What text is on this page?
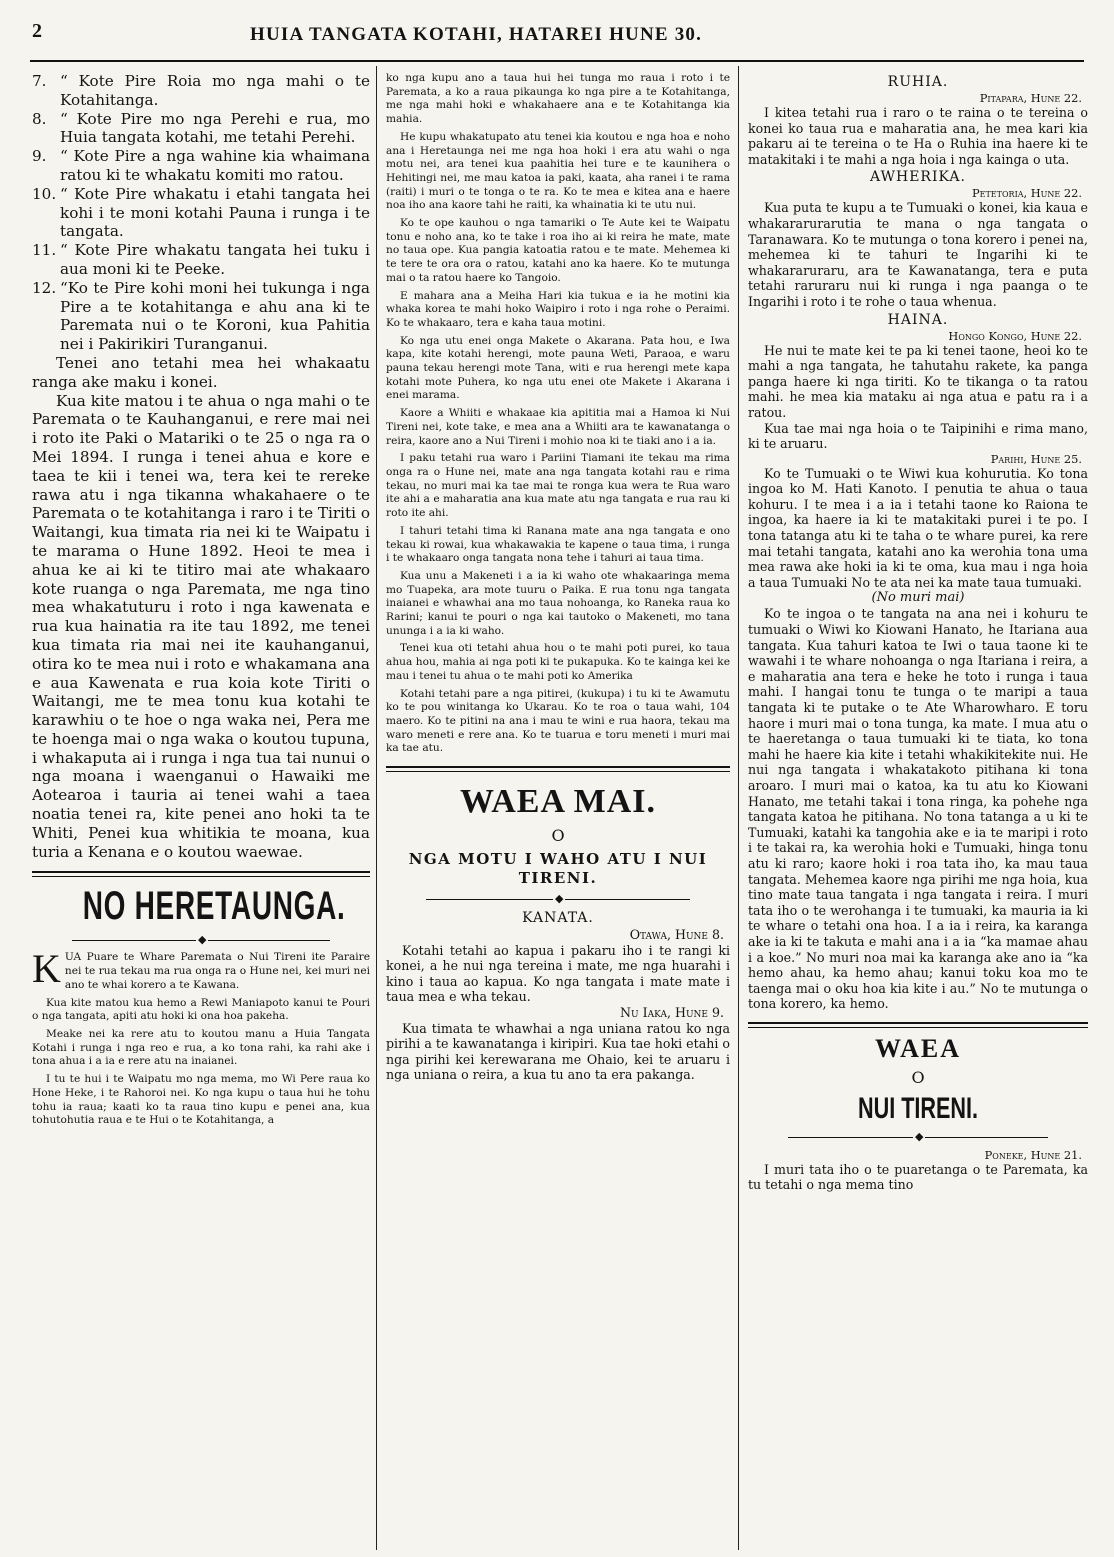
2	HUIA TANGATA KOTAHI, HATAREI HUNE 30.
7. “ Kote Pire Roia mo nga mahi o te Kotahitanga.
8. “ Kote Pire mo nga Perehi e rua, mo Huia tangata kotahi, me tetahi Perehi.
9. “ Kote Pire a nga wahine kia whaimana ratou ki te whakatu komiti mo ratou.
10. “ Kote Pire whakatu i etahi tangata hei kohi i te moni kotahi Pauna i runga i te tangata.
11. “ Kote Pire whakatu tangata hei tuku i aua moni ki te Peeke.
12. “Ko te Pire kohi moni hei tukunga i nga Pire a te kotahitanga e ahu ana ki te Paremata nui o te Koroni, kua Pahitia nei i Pakirikiri Turanganui.

Tenei ano tetahi mea hei whakaatu ranga ake maku i konei.

Kua kite matou i te ahua o nga mahi o te Paremata o te Kauhanganui, e rere mai nei i roto ite Paki o Matariki o te 25 o nga ra o Mei 1894. I runga i tenei ahua e kore e taea te kii i tenei wa, tera kei te rereke rawa atu i nga tikanna whakahaere o te Paremata o te kotahitanga i raro i te Tiriti o Waitangi, kua timata ria nei ki te Waipatu i te marama o Hune 1892. Heoi te mea i ahua ke ai ki te titiro mai ate whakaaro kote ruanga o nga Paremata, me nga tino mea whakatuturu i roto i nga kawenata e rua kua hainatia ra ite tau 1892, me tenei kua timata ria mai nei ite kauhanganui, otira ko te mea nui i roto e whakamana ana e aua Kawenata e rua koia kote Tiriti o Waitangi, me te mea tonu kua kotahi te karawhiu o te hoe o nga waka nei, Pera me te hoenga mai o nga waka o koutou tupuna, i whakaputa ai i runga i nga tua tai nunui o nga moana i waenganui o Hawaiki me Aotearoa i tauria ai tenei wahi a taea noatia tenei ra, kite penei ano hoki ta te Whiti, Penei kua whitikia te moana, kua turia a Kenana e o koutou waewae.

NO HERETAUNGA.
◆

KUA Puare te Whare Paremata o Nui Tireni ite Paraire nei te rua tekau ma rua onga ra o Hune nei, kei muri nei ano te whai korero a te Kawana.

Kua kite matou kua hemo a Rewi Maniapoto kanui te Pouri o nga tangata, apiti atu hoki ki ona hoa pakeha.

Meake nei ka rere atu to koutou manu a Huia Tangata Kotahi i runga i nga reo e rua, a ko tona rahi, ka rahi ake i tona ahua i a ia e rere atu na inaianei.

I tu te hui i te Waipatu mo nga mema, mo Wi Pere raua ko Hone Heke, i te Rahoroi nei. Ko nga kupu o taua hui he tohu tohu ia raua; kaati ko ta raua tino kupu e penei ana, kua tohutohutia raua e te Hui o te Kotahitanga, a

ko nga kupu ano a taua hui hei tunga mo raua i roto i te Paremata, a ko a raua pikaunga ko nga pire a te Kotahitanga, me nga mahi hoki e whakahaere ana e te Kotahitanga kia mahia.

He kupu whakatupato atu tenei kia koutou e nga hoa e noho ana i Heretaunga nei me nga hoa hoki i era atu wahi o nga motu nei, ara tenei kua paahitia hei ture e te kaunihera o Hehitingi nei, me mau katoa ia paki, kaata, aha ranei i te rama (raiti) i muri o te tonga o te ra. Ko te mea e kitea ana e haere noa iho ana kaore tahi he raiti, ka whainatia ki te utu nui.

Ko te ope kauhou o nga tamariki o Te Aute kei te Waipatu tonu e noho ana, ko te take i roa iho ai ki reira he mate, mate no taua ope. Kua pangia katoatia ratou e te mate. Mehemea ki te tere te ora ora o ratou, katahi ano ka haere. Ko te mutunga mai o ta ratou haere ko Tangoio.

E mahara ana a Meiha Hari kia tukua e ia he motini kia whaka korea te mahi hoko Waipiro i roto i nga rohe o Peraimi. Ko te whakaaro, tera e kaha taua motini.

Ko nga utu enei onga Makete o Akarana. Pata hou, e Iwa kapa, kite kotahi herengi, mote pauna Weti, Paraoa, e waru pauna tekau herengi mote Tana, witi e rua herengi mete kapa kotahi mote Puhera, ko nga utu enei ote Makete i Akarana i enei marama.

Kaore a Whiiti e whakaae kia apititia mai a Hamoa ki Nui Tireni nei, kote take, e mea ana a Whiiti ara te kawanatanga o reira, kaore ano a Nui Tireni i mohio noa ki te tiaki ano i a ia.

I paku tetahi rua waro i Pariini Tiamani ite tekau ma rima onga ra o Hune nei, mate ana nga tangata kotahi rau e rima tekau, no muri mai ka tae mai te ronga kua wera te Rua waro ite ahi a e maharatia ana kua mate atu nga tangata e rua rau ki roto ite ahi.

I tahuri tetahi tima ki Ranana mate ana nga tangata e ono tekau ki rowai, kua whakawakia te kapene o taua tima, i runga i te whakaaro onga tangata nona tehe i tahuri ai taua tima.

Kua unu a Makeneti i a ia ki waho ote whakaaringa mema mo Tuapeka, ara mote tuuru o Paika. E rua tonu nga tangata inaianei e whawhai ana mo taua nohoanga, ko Raneka raua ko Rarini; kanui te pouri o nga kai tautoko o Makeneti, mo tana ununga i a ia ki waho.

Tenei kua oti tetahi ahua hou o te mahi poti purei, ko taua ahua hou, mahia ai nga poti ki te pukapuka. Ko te kainga kei ke mau i tenei tu ahua o te mahi poti ko Amerika

Kotahi tetahi pare a nga pitirei, (kukupa) i tu ki te Awamutu ko te pou winitanga ko Ukarau. Ko te roa o taua wahi, 104 maero. Ko te pitini na ana i mau te wini e rua haora, tekau ma waro meneti e rere ana. Ko te tuarua e toru meneti i muri mai ka tae atu.

WAEA MAI.
O
NGA MOTU I WAHO ATU I NUI TIRENI.
◆
KANATA.
Otawa, Hune 8.

Kotahi tetahi ao kapua i pakaru iho i te rangi ki konei, a he nui nga tereina i mate, me nga huarahi i kino i taua ao kapua. Ko nga tangata i mate mate i taua mea e wha tekau.

Nu Iaka, Hune 9.

Kua timata te whawhai a nga uniana ratou ko nga pirihi a te kawanatanga i kiripiri. Kua tae hoki etahi o nga pirihi kei kerewarana me Ohaio, kei te aruaru i nga uniana o reira, a kua tu ano ta era pakanga.

RUHIA.
Pitapara, Hune 22.

I kitea tetahi rua i raro o te raina o te tereina o konei ko taua rua e maharatia ana, he mea kari kia pakaru ai te tereina o te Ha o Ruhia ina haere ki te matakitaki i te mahi a nga hoia i nga kainga o uta.

AWHERIKA.
Petetoria, Hune 22.

Kua puta te kupu a te Tumuaki o konei, kia kaua e whakararurarutia te mana o nga tangata o Taranawara. Ko te mutunga o tona korero i penei na, mehemea ki te tahuri te Ingarihi ki te whakararuraru, ara te Kawanatanga, tera e puta tetahi raruraru nui ki runga i nga paanga o te Ingarihi i roto i te rohe o taua whenua.

HAINA.
Hongo Kongo, Hune 22.

He nui te mate kei te pa ki tenei taone, heoi ko te mahi a nga tangata, he tahutahu rakete, ka panga panga haere ki nga tiriti. Ko te tikanga o ta ratou mahi. he mea kia mataku ai nga atua e patu ra i a ratou.

Kua tae mai nga hoia o te Taipinihi e rima mano, ki te aruaru.

Parihi, Hune 25.

Ko te Tumuaki o te Wiwi kua kohurutia. Ko tona ingoa ko M. Hati Kanoto. I penutia te ahua o taua kohuru. I te mea i a ia i tetahi taone ko Raiona te ingoa, ka haere ia ki te matakitaki purei i te po. I tona tatanga atu ki te taha o te whare purei, ka rere mai tetahi tangata, katahi ano ka werohia tona uma mea rawa ake hoki ia ki te oma, kua mau i nga hoia a taua Tumuaki No te ata nei ka mate taua tumuaki.

(No muri mai)

Ko te ingoa o te tangata na ana nei i kohuru te tumuaki o Wiwi ko Kiowani Hanato, he Itariana aua tangata. Kua tahuri katoa te Iwi o taua taone ki te wawahi i te whare nohoanga o nga Itariana i reira, a e maharatia ana tera e heke he toto i runga i taua mahi. I hangai tonu te tunga o te maripi a taua tangata ki te putake o te Ate Wharowharo. E toru haore i muri mai o tona tunga, ka mate. I mua atu o te haeretanga o taua tumuaki ki te tiata, ko tona mahi he haere kia kite i tetahi whakikitekite nui. He nui nga tangata i whakatakoto pitihana ki tona aroaro. I muri mai o katoa, ka tu atu ko Kiowani Hanato, me tetahi takai i tona ringa, ka pohehe nga tangata katoa he pitihana. No tona tatanga a u ki te Tumuaki, katahi ka tangohia ake e ia te maripi i roto i te takai ra, ka werohia hoki e Tumuaki, hinga tonu atu ki raro; kaore hoki i roa tata iho, ka mau taua tangata. Mehemea kaore nga pirihi me nga hoia, kua tino mate taua tangata i nga tangata i reira. I muri tata iho o te werohanga i te tumuaki, ka mauria ia ki te whare o tetahi ona hoa. I a ia i reira, ka karanga ake ia ki te takuta e mahi ana i a ia “ka mamae ahau i a koe.” No muri noa mai ka karanga ake ano ia “ka hemo ahau, ka hemo ahau; kanui toku koa mo te taenga mai o oku hoa kia kite i au.” No te mutunga o tona korero, ka hemo.

WAEA
O
NUI TIRENI.
◆
Poneke, Hune 21.

I muri tata iho o te puaretanga o te Paremata, ka tu tetahi o nga mema tino
